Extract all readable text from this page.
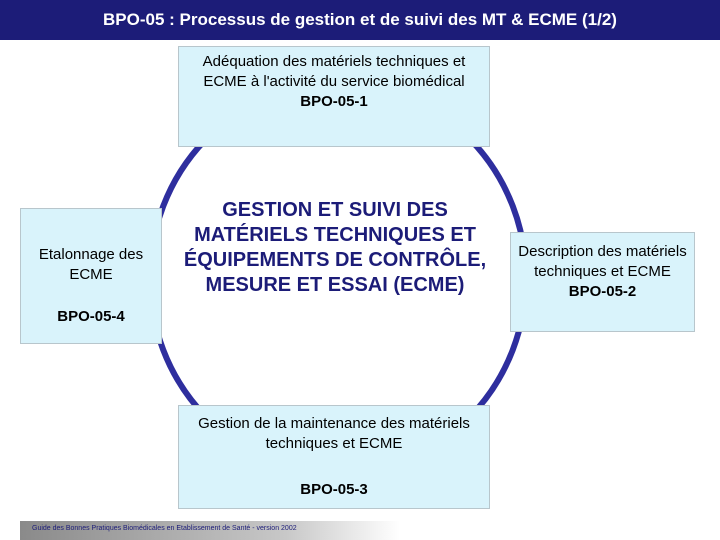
BPO-05 : Processus de gestion et de suivi des MT & ECME (1/2)
Adéquation des matériels techniques et ECME à l'activité du service biomédical
BPO-05-1
Etalonnage des ECME
BPO-05-4
Description des matériels techniques et ECME
BPO-05-2
Gestion de la maintenance des matériels techniques et ECME
BPO-05-3
GESTION ET SUIVI DES MATÉRIELS TECHNIQUES ET ÉQUIPEMENTS DE CONTRÔLE, MESURE ET ESSAI (ECME)
Guide des Bonnes Pratiques Biomédicales en Etablissement de Santé - version 2002
